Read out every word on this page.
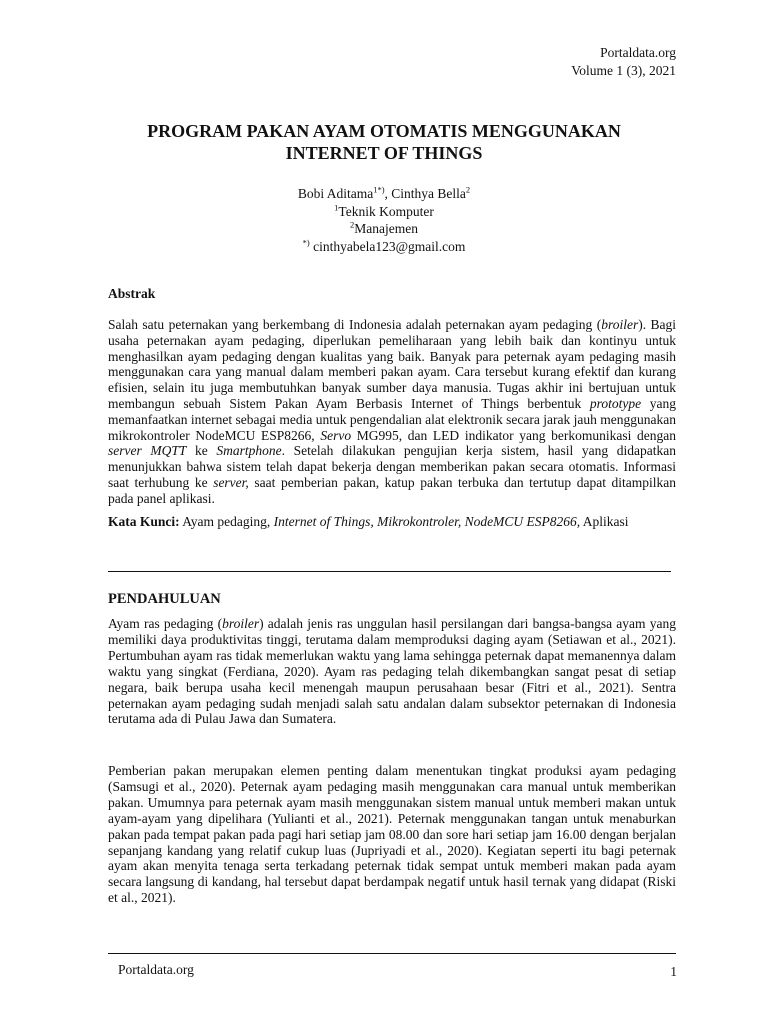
Portaldata.org
Volume 1 (3), 2021
PROGRAM PAKAN AYAM OTOMATIS MENGGUNAKAN
INTERNET OF THINGS
Bobi Aditama$^{1*)}$, Cinthya Bella$^2$
$^1$Teknik Komputer
$^2$Manajemen
*) cinthyabela123@gmail.com
Abstrak

Salah satu peternakan yang berkembang di Indonesia adalah peternakan ayam pedaging (broiler). Bagi usaha peternakan ayam pedaging, diperlukan pemeliharaan yang lebih baik dan kontinyu untuk menghasilkan ayam pedaging dengan kualitas yang baik. Banyak para peternak ayam pedaging masih menggunakan cara yang manual dalam memberi pakan ayam. Cara tersebut kurang efektif dan kurang efisien, selain itu juga membutuhkan banyak sumber daya manusia. Tugas akhir ini bertujuan untuk membangun sebuah Sistem Pakan Ayam Berbasis Internet of Things berbentuk prototype yang memanfaatkan internet sebagai media untuk pengendalian alat elektronik secara jarak jauh menggunakan mikrokontroler NodeMCU ESP8266, Servo MG995, dan LED indikator yang berkomunikasi dengan server MQTT ke Smartphone. Setelah dilakukan pengujian kerja sistem, hasil yang didapatkan menunjukkan bahwa sistem telah dapat bekerja dengan memberikan pakan secara otomatis. Informasi saat terhubung ke server, saat pemberian pakan, katup pakan terbuka dan tertutup dapat ditampilkan pada panel aplikasi.

Kata Kunci: Ayam pedaging, Internet of Things, Mikrokontroler, NodeMCU ESP8266, Aplikasi

PENDAHULUAN

Ayam ras pedaging (broiler) adalah jenis ras unggulan hasil persilangan dari bangsa-bangsa ayam yang memiliki daya produktivitas tinggi, terutama dalam memproduksi daging ayam (Setiawan et al., 2021). Pertumbuhan ayam ras tidak memerlukan waktu yang lama sehingga peternak dapat memanennya dalam waktu yang singkat (Ferdiana, 2020). Ayam ras pedaging telah dikembangkan sangat pesat di setiap negara, baik berupa usaha kecil menengah maupun perusahaan besar (Fitri et al., 2021). Sentra peternakan ayam pedaging sudah menjadi salah satu andalan dalam subsektor peternakan di Indonesia terutama ada di Pulau Jawa dan Sumatera.

Pemberian pakan merupakan elemen penting dalam menentukan tingkat produksi ayam pedaging (Samsugi et al., 2020). Peternak ayam pedaging masih menggunakan cara manual untuk memberikan pakan. Umumnya para peternak ayam masih menggunakan sistem manual untuk memberi makan untuk ayam-ayam yang dipelihara (Yulianti et al., 2021). Peternak menggunakan tangan untuk menaburkan pakan pada tempat pakan pada pagi hari setiap jam 08.00 dan sore hari setiap jam 16.00 dengan berjalan sepanjang kandang yang relatif cukup luas (Jupriyadi et al., 2020). Kegiatan seperti itu bagi peternak ayam akan menyita tenaga serta terkadang peternak tidak sempat untuk memberi makan pada ayam secara langsung di kandang, hal tersebut dapat berdampak negatif untuk hasil ternak yang didapat (Riski et al., 2021).

Portaldata.org	1
